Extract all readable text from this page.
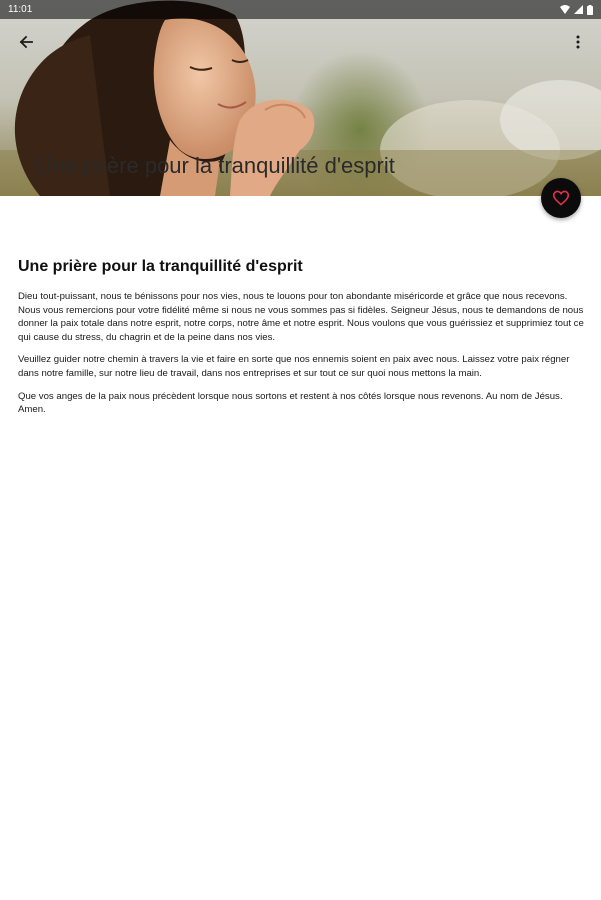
Une prière pour la tranquillité d'esprit
11:01
Une prière pour la tranquillité d'esprit

Dieu tout-puissant, nous te bénissons pour nos vies, nous te louons pour ton abondante miséricorde et grâce que nous recevons. Nous vous remercions pour votre fidélité même si nous ne vous sommes pas si fidèles. Seigneur Jésus, nous te demandons de nous donner la paix totale dans notre esprit, notre corps, notre âme et notre esprit. Nous voulons que vous guérissiez et supprimiez tout ce qui cause du stress, du chagrin et de la peine dans nos vies.

Veuillez guider notre chemin à travers la vie et faire en sorte que nos ennemis soient en paix avec nous. Laissez votre paix régner dans notre famille, sur notre lieu de travail, dans nos entreprises et sur tout ce sur quoi nous mettons la main.

Que vos anges de la paix nous précèdent lorsque nous sortons et restent à nos côtés lorsque nous revenons. Au nom de Jésus. Amen.
